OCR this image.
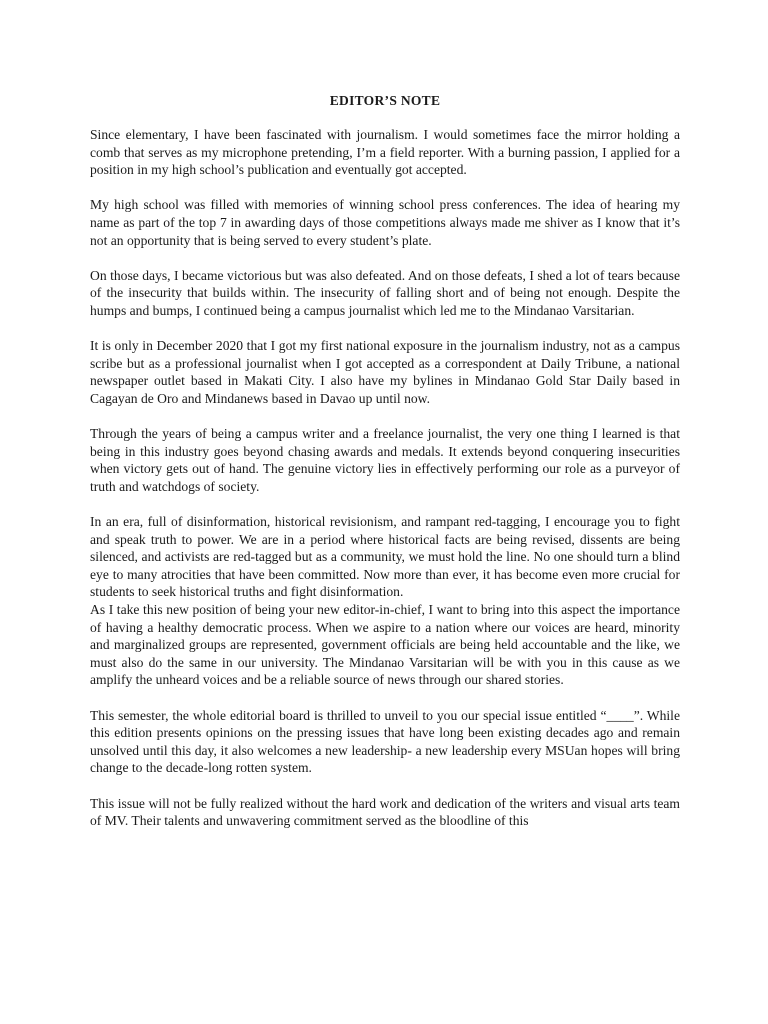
EDITOR’S NOTE

Since elementary, I have been fascinated with journalism. I would sometimes face the mirror holding a comb that serves as my microphone pretending, I’m a field reporter. With a burning passion, I applied for a position in my high school’s publication and eventually got accepted.

My high school was filled with memories of winning school press conferences. The idea of hearing my name as part of the top 7 in awarding days of those competitions always made me shiver as I know that it’s not an opportunity that is being served to every student’s plate.

On those days, I became victorious but was also defeated. And on those defeats, I shed a lot of tears because of the insecurity that builds within. The insecurity of falling short and of being not enough. Despite the humps and bumps, I continued being a campus journalist which led me to the Mindanao Varsitarian.

It is only in December 2020 that I got my first national exposure in the journalism industry, not as a campus scribe but as a professional journalist when I got accepted as a correspondent at Daily Tribune, a national newspaper outlet based in Makati City. I also have my bylines in Mindanao Gold Star Daily based in Cagayan de Oro and Mindanews based in Davao up until now.

Through the years of being a campus writer and a freelance journalist, the very one thing I learned is that being in this industry goes beyond chasing awards and medals. It extends beyond conquering insecurities when victory gets out of hand. The genuine victory lies in effectively performing our role as a purveyor of truth and watchdogs of society.

In an era, full of disinformation, historical revisionism, and rampant red-tagging, I encourage you to fight and speak truth to power. We are in a period where historical facts are being revised, dissents are being silenced, and activists are red-tagged but as a community, we must hold the line. No one should turn a blind eye to many atrocities that have been committed. Now more than ever, it has become even more crucial for students to seek historical truths and fight disinformation.

As I take this new position of being your new editor-in-chief, I want to bring into this aspect the importance of having a healthy democratic process. When we aspire to a nation where our voices are heard, minority and marginalized groups are represented, government officials are being held accountable and the like, we must also do the same in our university. The Mindanao Varsitarian will be with you in this cause as we amplify the unheard voices and be a reliable source of news through our shared stories.

This semester, the whole editorial board is thrilled to unveil to you our special issue entitled “____”. While this edition presents opinions on the pressing issues that have long been existing decades ago and remain unsolved until this day, it also welcomes a new leadership- a new leadership every MSUan hopes will bring change to the decade-long rotten system.

This issue will not be fully realized without the hard work and dedication of the writers and visual arts team of MV. Their talents and unwavering commitment served as the bloodline of this
